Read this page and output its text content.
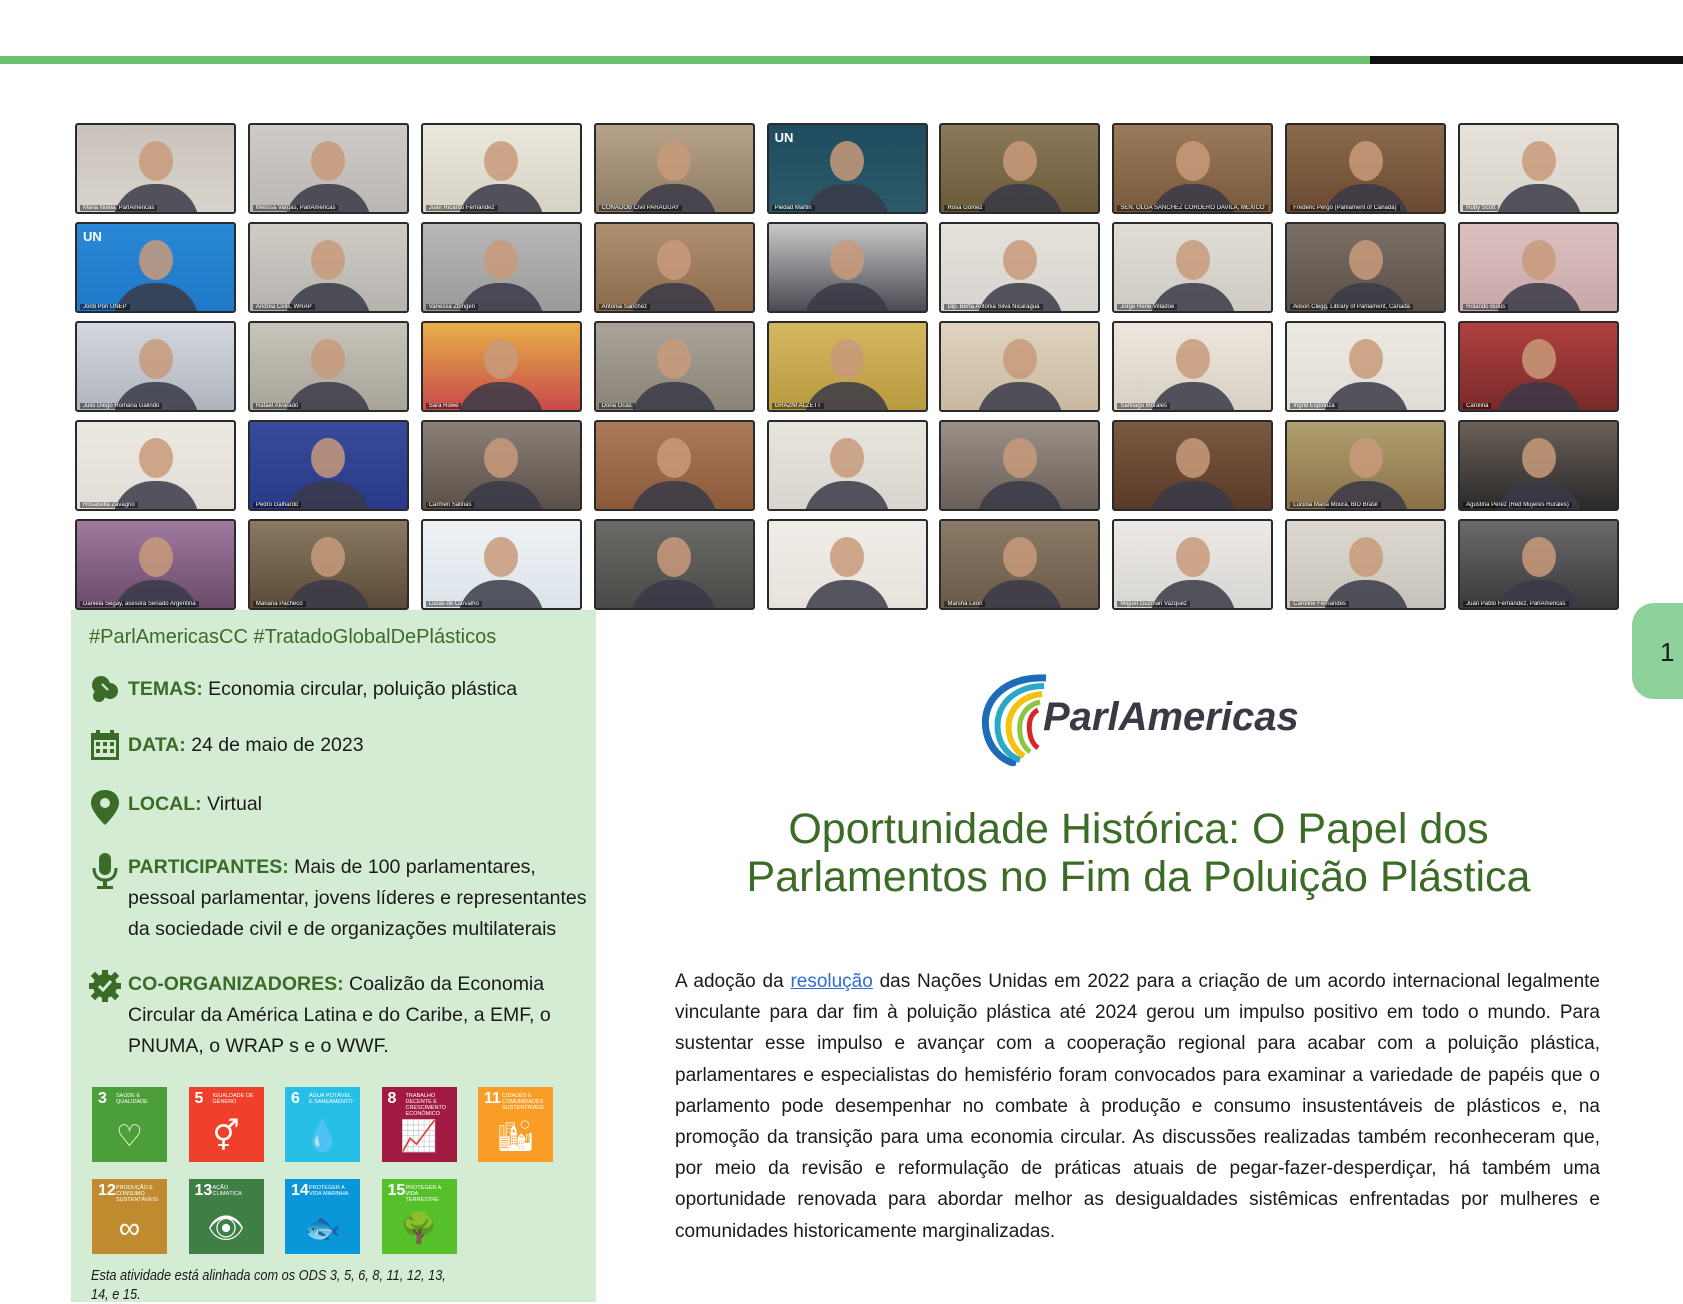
Maria Noela, ParlAmericas	Melissa Vargas, ParlAmericas	Juan Ricardo Fernández	CONADOB Civil PARAGUAY
UN
Piedad Martin	Rosa Gómez	SEN. OLGA SANCHEZ CORDERO DAVILA, MEXICO	Frederic Pergo (Parliament of Canada)	Ruby Scott
UN
Jordi Pon UNEP	Andrea Celis, WRAP	Vanessa Zbingen	Antonia Sánchez	Dip. Berta Antonia Silva Nicaragua	Jorge Rene Villadoe	Alison Clegg, Library of Parliament, Canada	Rolando Bulus
Julio Diego Romaña Galindo	Rafael Alvarado	Sara Rowe	Dona Ocas	GRAZNI ALZETT	Santiago Morales	Ingrid Espinoza	Carolina
Rosabella Zavagno	Pedro Galhardo	Carmen Salinas	Lucidia Maria Moura, BID Brasil	Agustina Pérez (Red Mujeres Rurales)
Daniela Segay, asesora Senado Argentina	Mariana Pacheco	Lucas de Carvalho	Marsha Leon	Miguel Guzman Vazquez	Caroline Fernandes	Juan Pablo Fernández, ParlAmericas
1
#ParlAmericasCC #TratadoGlobalDePlásticos
TEMAS: Economia circular, poluição plástica
DATA: 24 de maio de 2023
LOCAL: Virtual
PARTICIPANTES: Mais de 100 parlamentares, pessoal parlamentar, jovens líderes e representantes da sociedade civil e de organizações multilaterais
CO-ORGANIZADORES: Coalizão da Economia Circular da América Latina e do Caribe, a EMF, o PNUMA, o WRAP s e o WWF.
3 SAÚDE E QUALIDADE
♡
5 IGUALDADE DE GÊNERO
⚥
6 ÁGUA POTÁVEL E SANEAMENTO
💧
8 TRABALHO DECENTE E CRESCIMENTO ECONÔMICO
📈
11 CIDADES E COMUNIDADES SUSTENTÁVEIS
🏙
12 PRODUÇÃO E CONSUMO SUSTENTÁVEIS
∞
13 AÇÃO CLIMÁTICA
👁
14 PROTEGER A VIDA MARINHA
🐟
15 PROTEGER A VIDA TERRESTRE
🌳
Esta atividade está alinhada com os ODS 3, 5, 6, 8, 11, 12, 13, 14, e 15.
ParlAmericas
Oportunidade Histórica: O Papel dos
Parlamentos no Fim da Poluição Plástica
A adoção da resolução das Nações Unidas em 2022 para a criação de um acordo internacional legalmente vinculante para dar fim à poluição plástica até 2024 gerou um impulso positivo em todo o mundo. Para sustentar esse impulso e avançar com a cooperação regional para acabar com a poluição plástica, parlamentares e especialistas do hemisfério foram convocados para examinar a variedade de papéis que o parlamento pode desempenhar no combate à produção e consumo insustentáveis de plásticos e, na promoção da transição para uma economia circular. As discussões realizadas também reconheceram que, por meio da revisão e reformulação de práticas atuais de pegar-fazer-desperdiçar, há também uma oportunidade renovada para abordar melhor as desigualdades sistêmicas enfrentadas por mulheres e comunidades historicamente marginalizadas.
